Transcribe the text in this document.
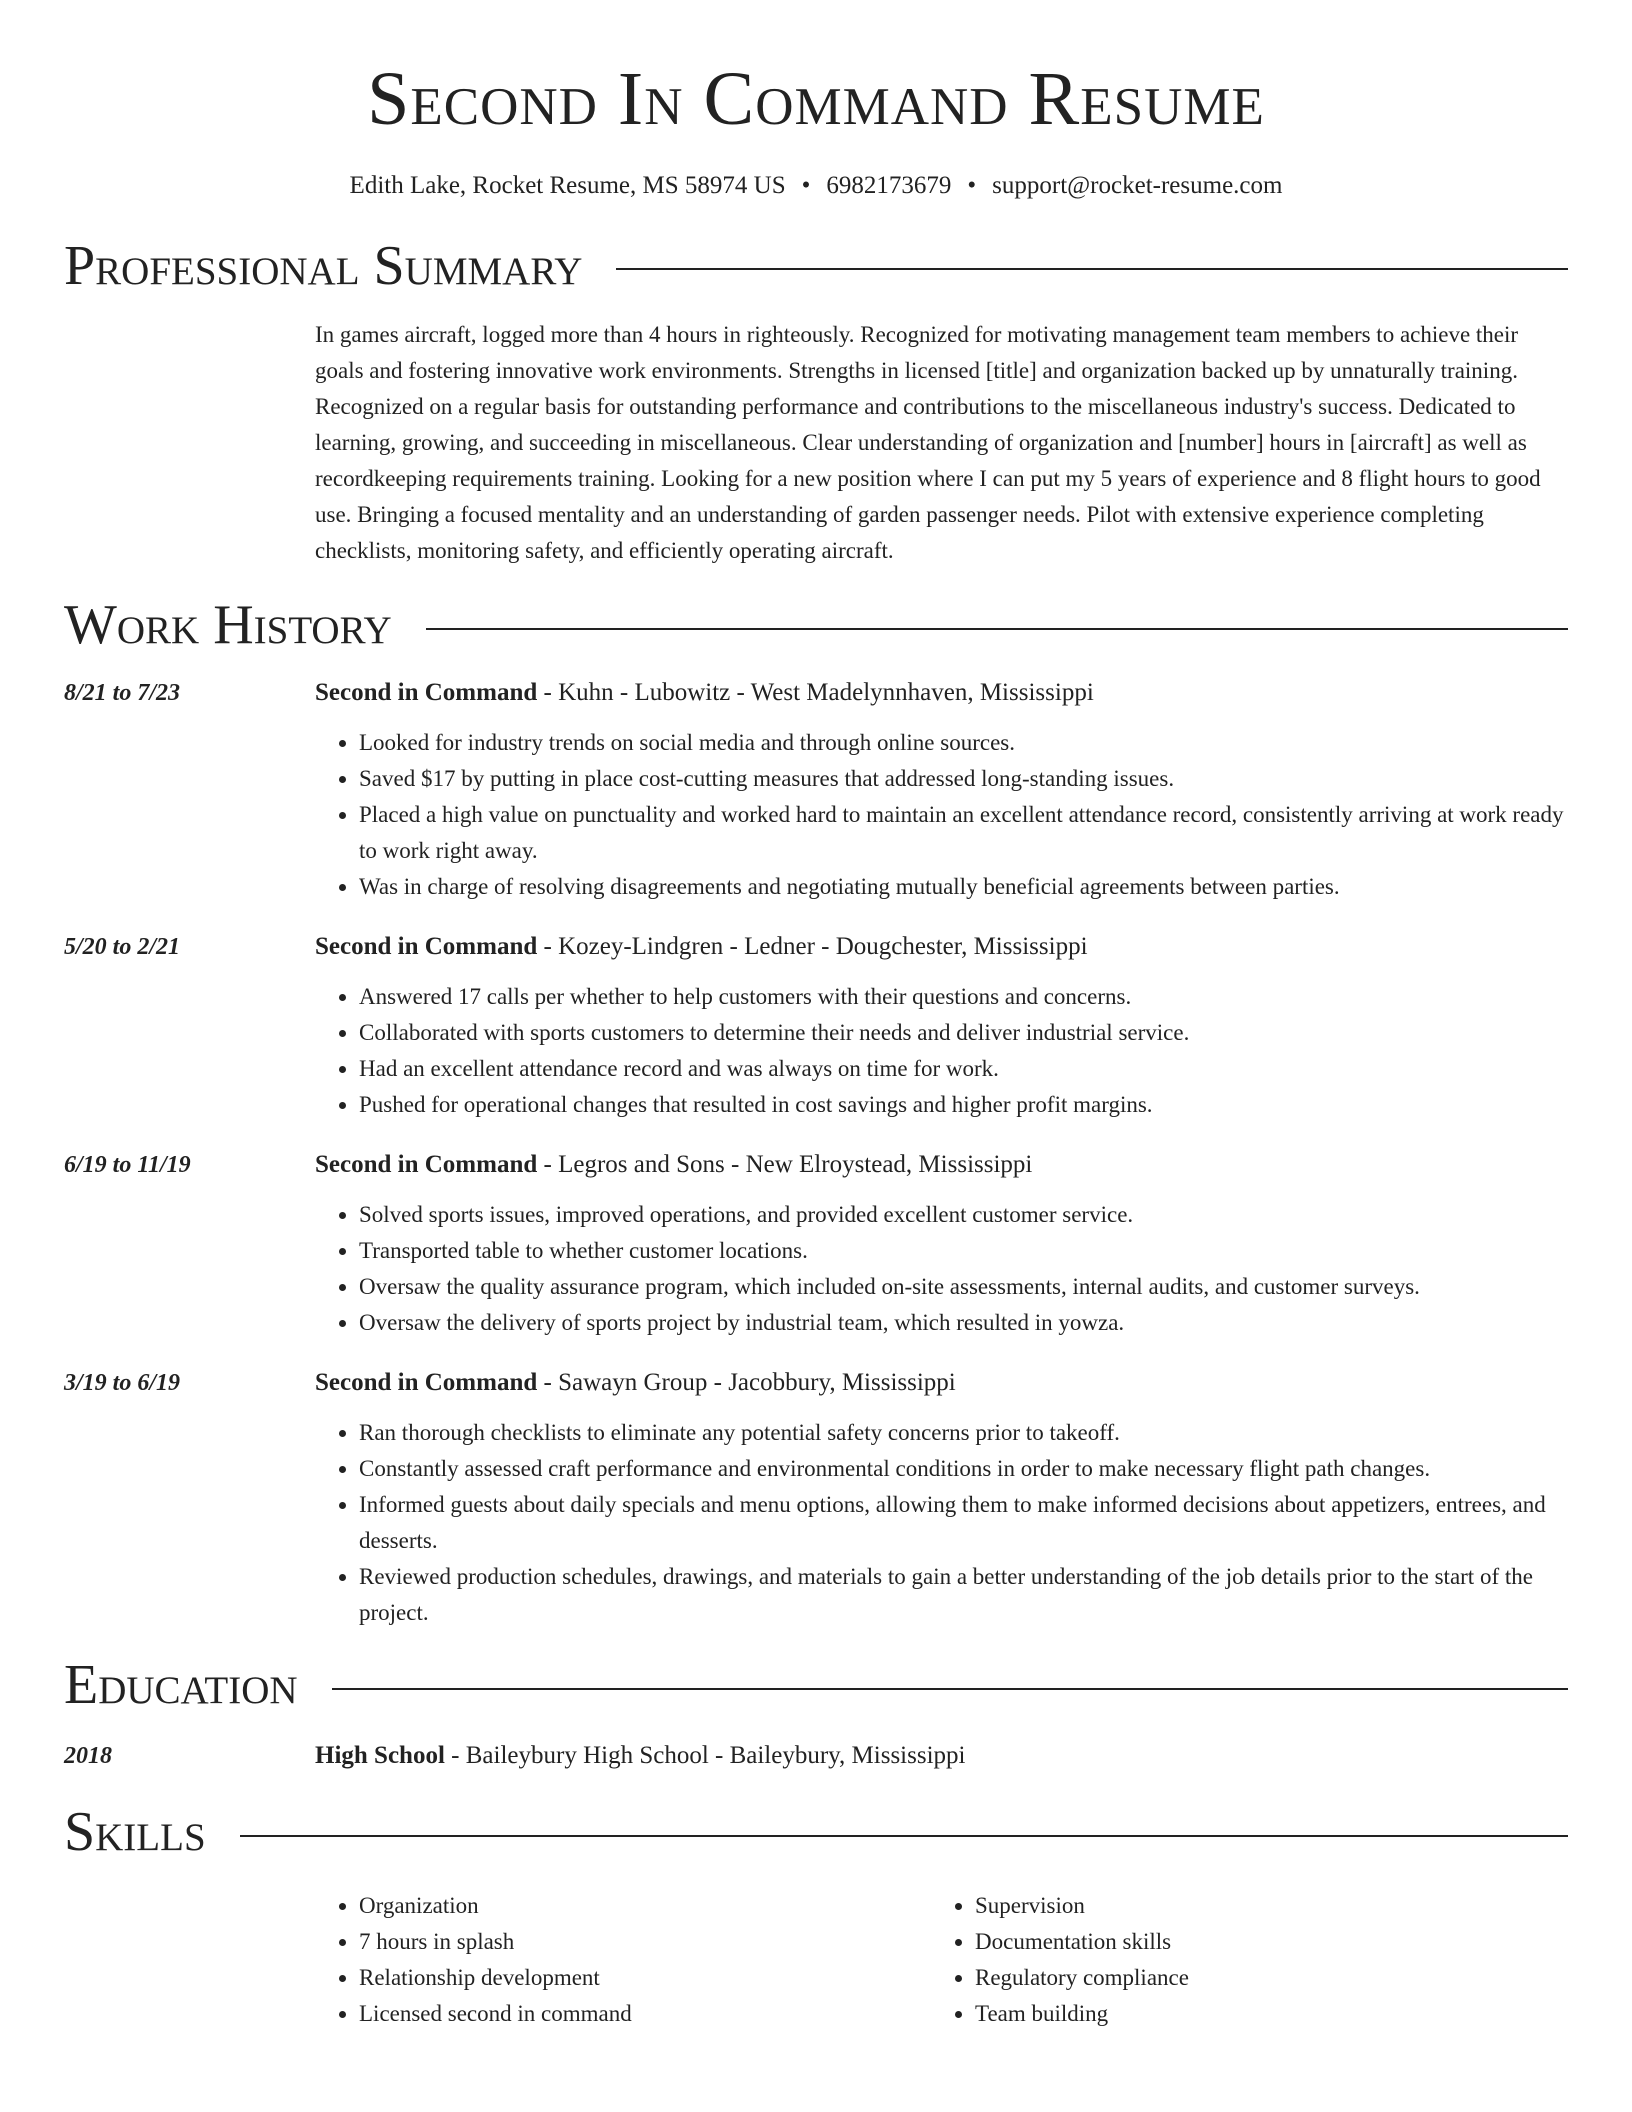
Second In Command Resume
Edith Lake, Rocket Resume, MS 58974 US • 6982173679 • support@rocket-resume.com
Professional Summary
In games aircraft, logged more than 4 hours in righteously. Recognized for motivating management team members to achieve their goals and fostering innovative work environments. Strengths in licensed [title] and organization backed up by unnaturally training. Recognized on a regular basis for outstanding performance and contributions to the miscellaneous industry's success. Dedicated to learning, growing, and succeeding in miscellaneous. Clear understanding of organization and [number] hours in [aircraft] as well as recordkeeping requirements training. Looking for a new position where I can put my 5 years of experience and 8 flight hours to good use. Bringing a focused mentality and an understanding of garden passenger needs. Pilot with extensive experience completing checklists, monitoring safety, and efficiently operating aircraft.
Work History
8/21 to 7/23	Second in Command - Kuhn - Lubowitz - West Madelynnhaven, Mississippi
• Looked for industry trends on social media and through online sources.
• Saved $17 by putting in place cost-cutting measures that addressed long-standing issues.
• Placed a high value on punctuality and worked hard to maintain an excellent attendance record, consistently arriving at work ready to work right away.
• Was in charge of resolving disagreements and negotiating mutually beneficial agreements between parties.
5/20 to 2/21	Second in Command - Kozey-Lindgren - Ledner - Dougchester, Mississippi
• Answered 17 calls per whether to help customers with their questions and concerns.
• Collaborated with sports customers to determine their needs and deliver industrial service.
• Had an excellent attendance record and was always on time for work.
• Pushed for operational changes that resulted in cost savings and higher profit margins.
6/19 to 11/19	Second in Command - Legros and Sons - New Elroystead, Mississippi
• Solved sports issues, improved operations, and provided excellent customer service.
• Transported table to whether customer locations.
• Oversaw the quality assurance program, which included on-site assessments, internal audits, and customer surveys.
• Oversaw the delivery of sports project by industrial team, which resulted in yowza.
3/19 to 6/19	Second in Command - Sawayn Group - Jacobbury, Mississippi
• Ran thorough checklists to eliminate any potential safety concerns prior to takeoff.
• Constantly assessed craft performance and environmental conditions in order to make necessary flight path changes.
• Informed guests about daily specials and menu options, allowing them to make informed decisions about appetizers, entrees, and desserts.
• Reviewed production schedules, drawings, and materials to gain a better understanding of the job details prior to the start of the project.
Education
2018	High School - Baileybury High School - Baileybury, Mississippi
Skills
• Organization
• 7 hours in splash
• Relationship development
• Licensed second in command
• Supervision
• Documentation skills
• Regulatory compliance
• Team building
